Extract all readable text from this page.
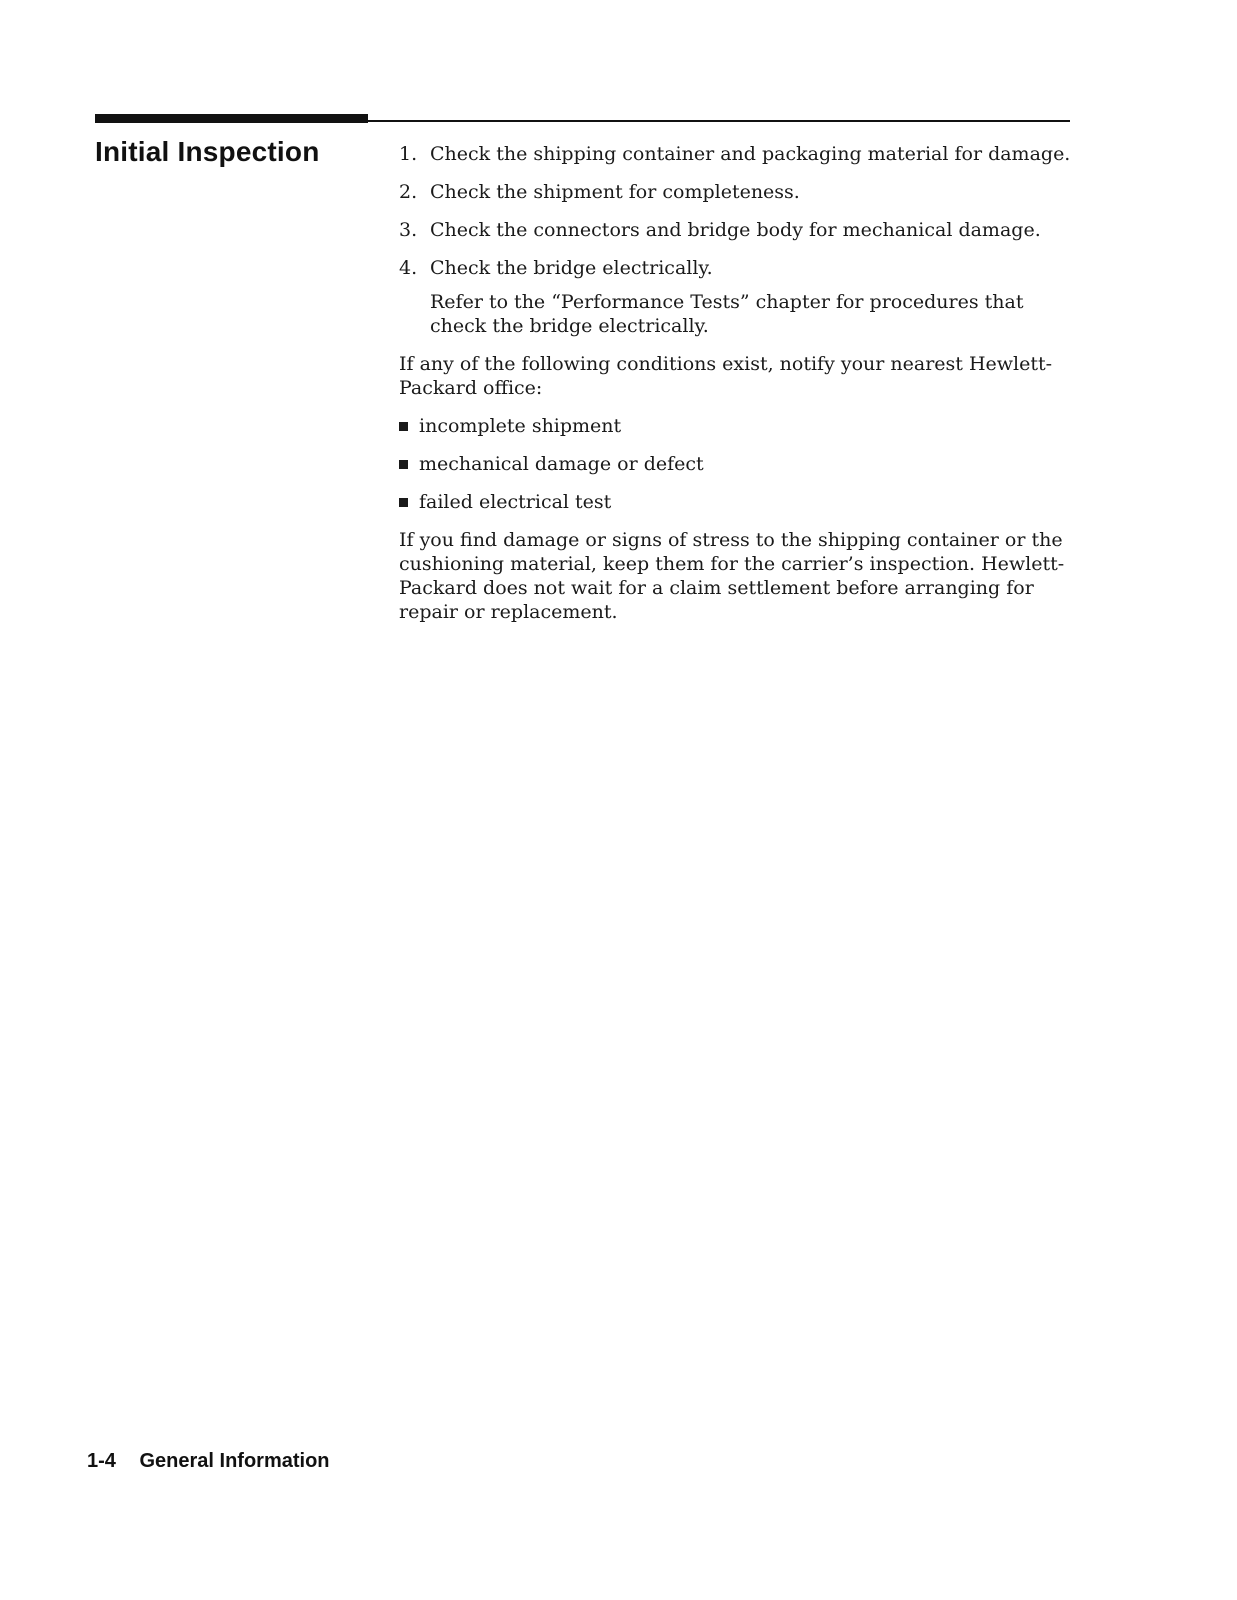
Initial Inspection	1. Check the shipping container and packaging material for damage.
2. Check the shipment for completeness.
3. Check the connectors and bridge body for mechanical damage.
4. Check the bridge electrically.

Refer to the “Performance Tests” chapter for procedures that check the bridge electrically.

If any of the following conditions exist, notify your nearest Hewlett-Packard office:

incomplete shipment
mechanical damage or defect
failed electrical test

If you find damage or signs of stress to the shipping container or the cushioning material, keep them for the carrier’s inspection. Hewlett-Packard does not wait for a claim settlement before arranging for repair or replacement.

1-4 General Information
